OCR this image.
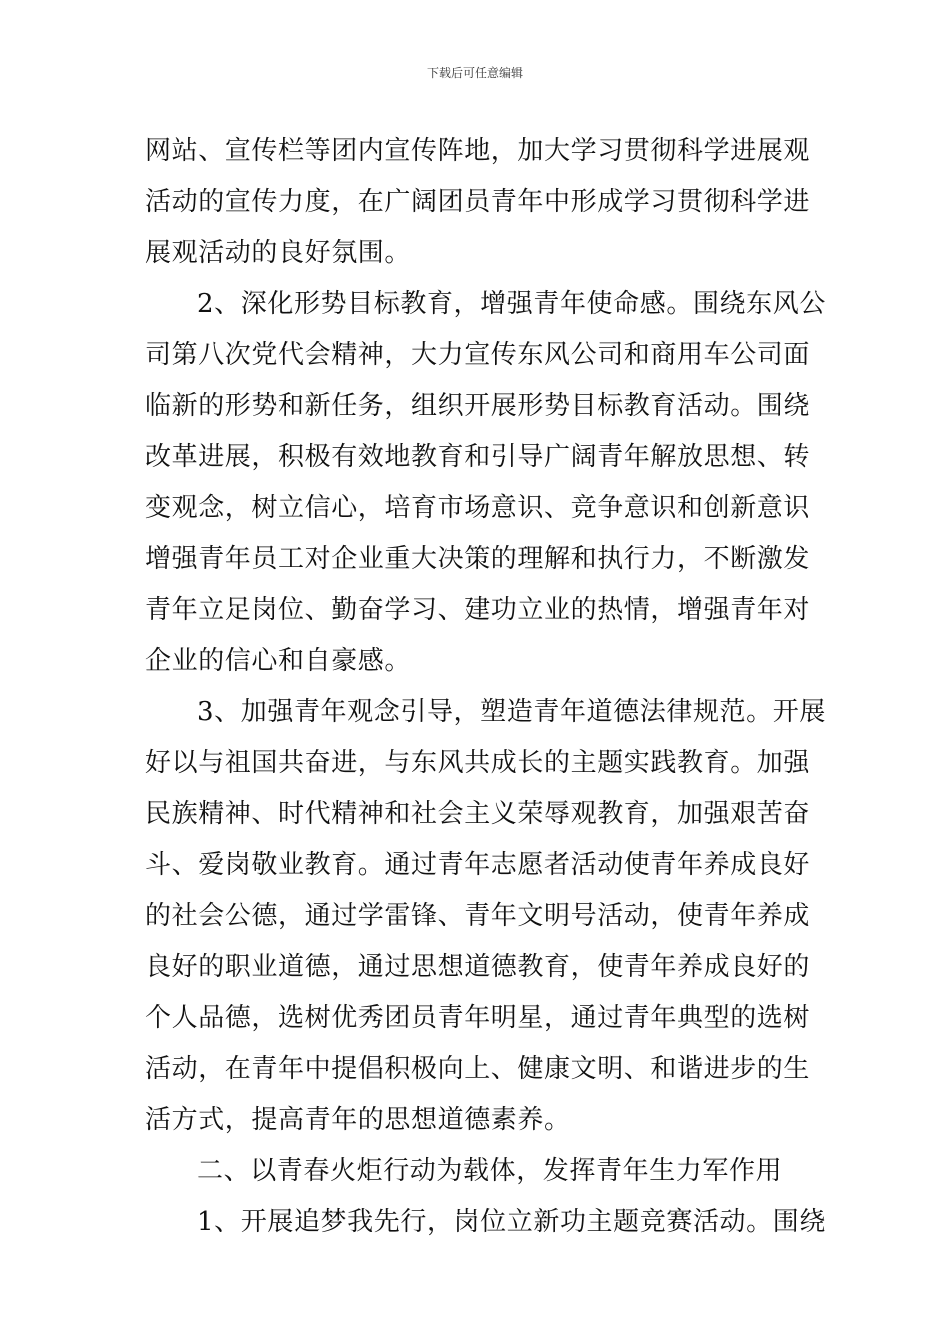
下载后可任意编辑
网站、宣传栏等团内宣传阵地，加大学习贯彻科学进展观
活动的宣传力度，在广阔团员青年中形成学习贯彻科学进
展观活动的良好氛围。
2、深化形势目标教育，增强青年使命感。围绕东风公
司第八次党代会精神，大力宣传东风公司和商用车公司面
临新的形势和新任务，组织开展形势目标教育活动。围绕
改革进展，积极有效地教育和引导广阔青年解放思想、转
变观念，树立信心，培育市场意识、竞争意识和创新意识
增强青年员工对企业重大决策的理解和执行力，不断激发
青年立足岗位、勤奋学习、建功立业的热情，增强青年对
企业的信心和自豪感。
3、加强青年观念引导，塑造青年道德法律规范。开展
好以与祖国共奋进，与东风共成长的主题实践教育。加强
民族精神、时代精神和社会主义荣辱观教育，加强艰苦奋
斗、爱岗敬业教育。通过青年志愿者活动使青年养成良好
的社会公德，通过学雷锋、青年文明号活动，使青年养成
良好的职业道德，通过思想道德教育，使青年养成良好的
个人品德，选树优秀团员青年明星，通过青年典型的选树
活动，在青年中提倡积极向上、健康文明、和谐进步的生
活方式，提高青年的思想道德素养。
二、以青春火炬行动为载体，发挥青年生力军作用
1、开展追梦我先行，岗位立新功主题竞赛活动。围绕
